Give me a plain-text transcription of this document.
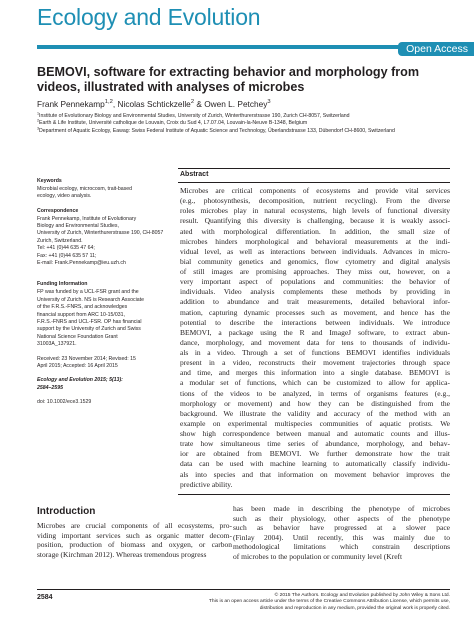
Ecology and Evolution
Open Access
BEMOVI, software for extracting behavior and morphology from videos, illustrated with analyses of microbes
Frank Pennekamp$^{1,2}$, Nicolas Schtickzelle$^2$ & Owen L. Petchey$^3$
$^1$Institute of Evolutionary Biology and Environmental Studies, University of Zurich, Winterthurerstrasse 190, Zurich CH-8057, Switzerland
$^2$Earth & Life Institute, Université catholique de Louvain, Croix du Sud 4, L7.07.04, Louvain-la-Neuve B-1348, Belgium
$^3$Department of Aquatic Ecology, Eawag: Swiss Federal Institute of Aquatic Science and Technology, Überlandstrasse 133, Dübendorf CH-8600, Switzerland
Keywords
Microbial ecology, microcosm, trait-based
ecology, video analysis.
Correspondence
Frank Pennekamp, Institute of Evolutionary
Biology and Environmental Studies,
University of Zurich, Winterthurerstrasse 190, CH-8057
Zurich, Switzerland.
Tel: +41 (0)44 635 47 64;
Fax: +41 (0)44 635 57 11;
E-mail: Frank.Pennekamp@ieu.uzh.ch
Funding Information
FP was funded by a UCL-FSR grant and the
University of Zurich. NS is Research Associate
of the F.R.S.-FNRS, and acknowledges
financial support from ARC 10-15/031,
F.R.S.-FNRS and UCL-FSR. OP has financial
support by the University of Zurich and Swiss
National Science Foundation Grant
31003A_137921.
Received: 23 November 2014; Revised: 15
April 2015; Accepted: 16 April 2015
Ecology and Evolution 2015; 5(13):
2584–2595
doi: 10.1002/ece3.1529
Abstract
Microbes are critical components of ecosystems and provide vital services
(e.g., photosynthesis, decomposition, nutrient recycling). From the diverse
roles microbes play in natural ecosystems, high levels of functional diversity
result. Quantifying this diversity is challenging, because it is weakly associ-
ated with morphological differentiation. In addition, the small size of
microbes hinders morphological and behavioral measurements at the indi-
vidual level, as well as interactions between individuals. Advances in micro-
bial community genetics and genomics, flow cytometry and digital analysis
of still images are promising approaches. They miss out, however, on a
very important aspect of populations and communities: the behavior of
individuals. Video analysis complements these methods by providing in
addition to abundance and trait measurements, detailed behavioral infor-
mation, capturing dynamic processes such as movement, and hence has the
potential to describe the interactions between individuals. We introduce
BEMOVI, a package using the R and ImageJ software, to extract abun-
dance, morphology, and movement data for tens to thousands of individu-
als in a video. Through a set of functions BEMOVI identifies individuals
present in a video, reconstructs their movement trajectories through space
and time, and merges this information into a single database. BEMOVI is
a modular set of functions, which can be customized to allow for applica-
tions of the videos to be analyzed, in terms of organisms features (e.g.,
morphology or movement) and how they can be distinguished from the
background. We illustrate the validity and accuracy of the method with an
example on experimental multispecies communities of aquatic protists. We
show high correspondence between manual and automatic counts and illus-
trate how simultaneous time series of abundance, morphology, and behav-
ior are obtained from BEMOVI. We further demonstrate how the trait
data can be used with machine learning to automatically classify individu-
als into species and that information on movement behavior improves the
predictive ability.
Introduction
Microbes are crucial components of all ecosystems, pro-
viding important services such as organic matter decom-
position, production of biomass and oxygen, or carbon
storage (Kirchman 2012). Whereas tremendous progress
has been made in describing the phenotype of microbes
such as their physiology, other aspects of the phenotype
such as behavior have progressed at a slower pace
(Finlay 2004). Until recently, this was mainly due to
methodological limitations which constrain descriptions
of microbes to the population or community level (Kreft
2584	© 2015 The Authors. Ecology and Evolution published by John Wiley & Sons Ltd.
This is an open access article under the terms of the Creative Commons Attribution License, which permits use,
distribution and reproduction in any medium, provided the original work is properly cited.
